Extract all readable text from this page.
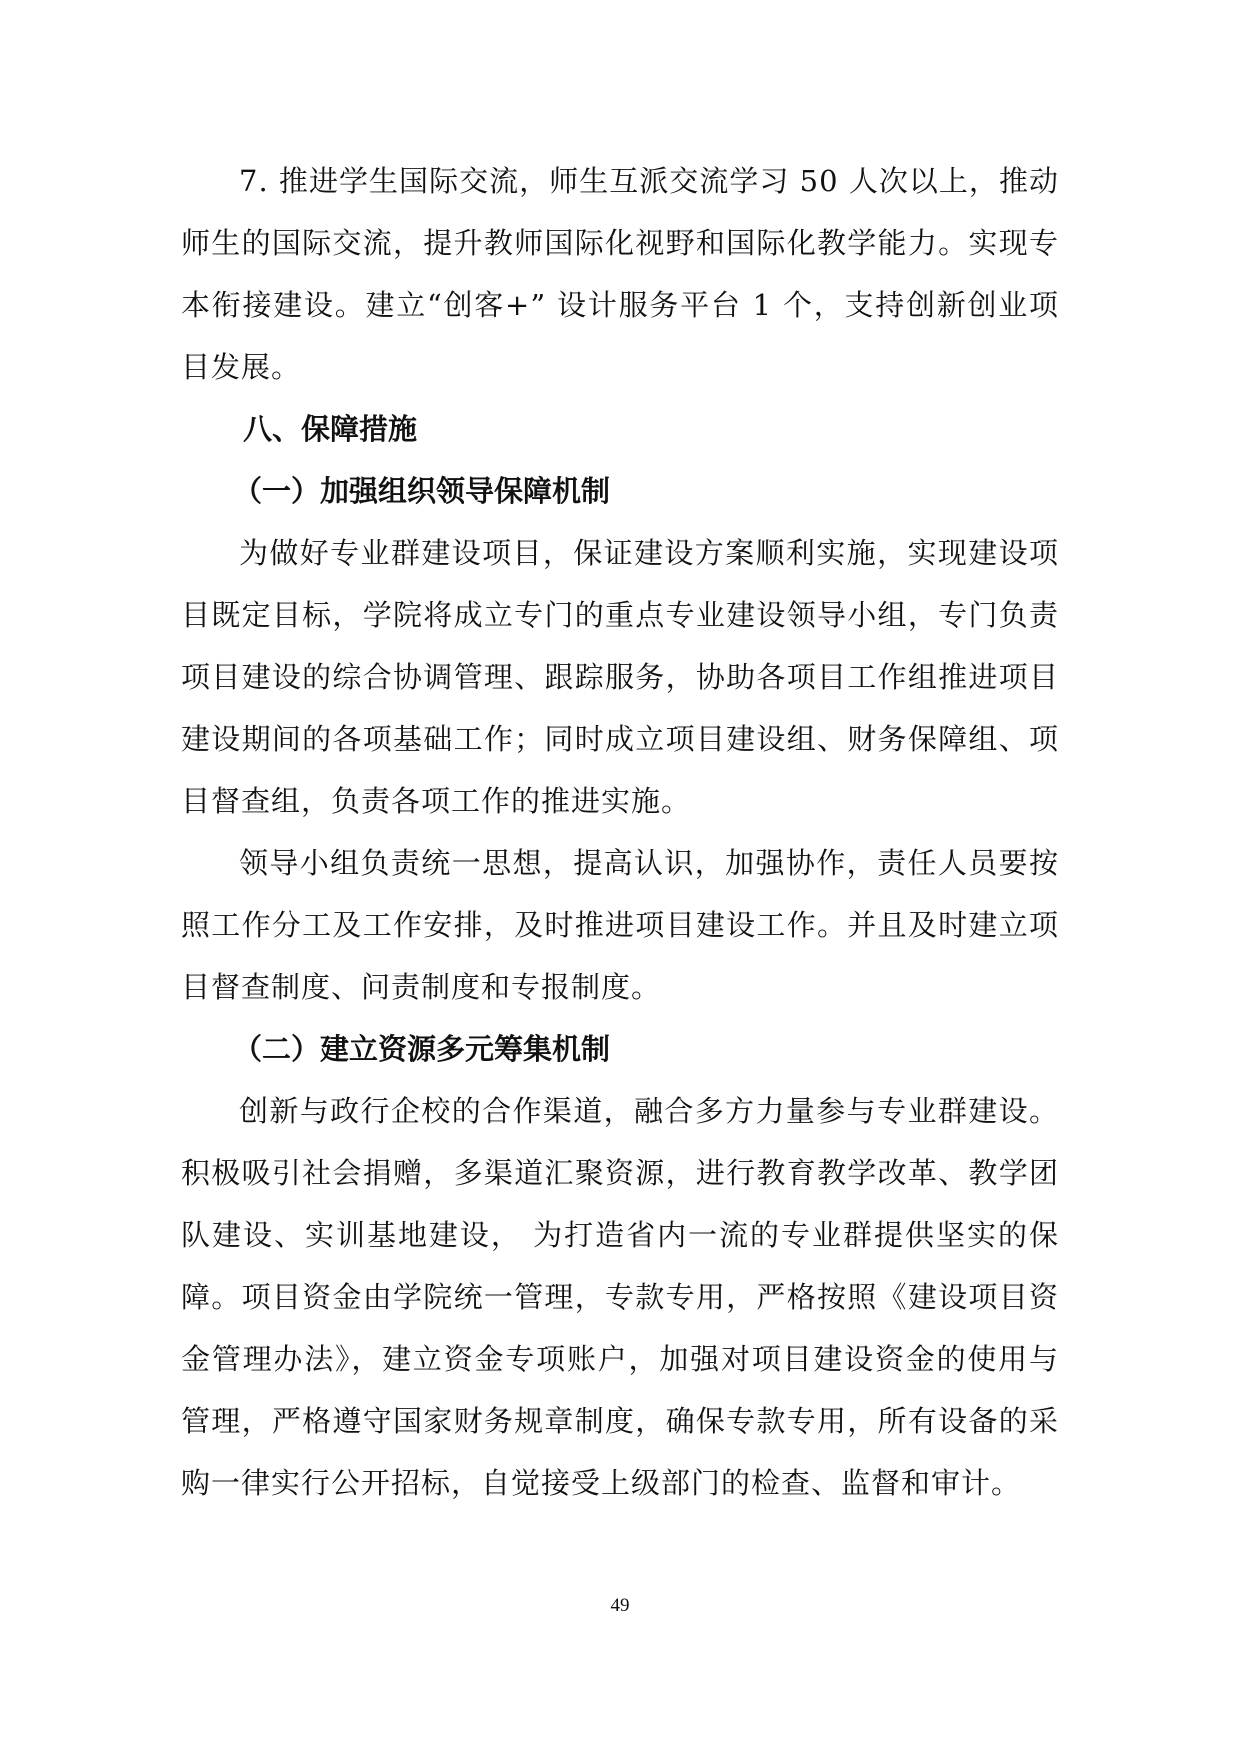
7. 推进学生国际交流，师生互派交流学习 50 人次以上，推动师生的国际交流，提升教师国际化视野和国际化教学能力。实现专本衔接建设。建立“创客+” 设计服务平台 1 个，支持创新创业项目发展。

八、保障措施
（一）加强组织领导保障机制

为做好专业群建设项目，保证建设方案顺利实施，实现建设项目既定目标，学院将成立专门的重点专业建设领导小组，专门负责项目建设的综合协调管理、跟踪服务，协助各项目工作组推进项目建设期间的各项基础工作；同时成立项目建设组、财务保障组、项目督查组，负责各项工作的推进实施。

领导小组负责统一思想，提高认识，加强协作，责任人员要按照工作分工及工作安排，及时推进项目建设工作。并且及时建立项目督查制度、问责制度和专报制度。

（二）建立资源多元筹集机制

创新与政行企校的合作渠道，融合多方力量参与专业群建设。积极吸引社会捐赠，多渠道汇聚资源，进行教育教学改革、教学团队建设、实训基地建设， 为打造省内一流的专业群提供坚实的保障。项目资金由学院统一管理，专款专用，严格按照《建设项目资金管理办法》，建立资金专项账户，加强对项目建设资金的使用与管理，严格遵守国家财务规章制度，确保专款专用，所有设备的采购一律实行公开招标，自觉接受上级部门的检查、监督和审计。

49
